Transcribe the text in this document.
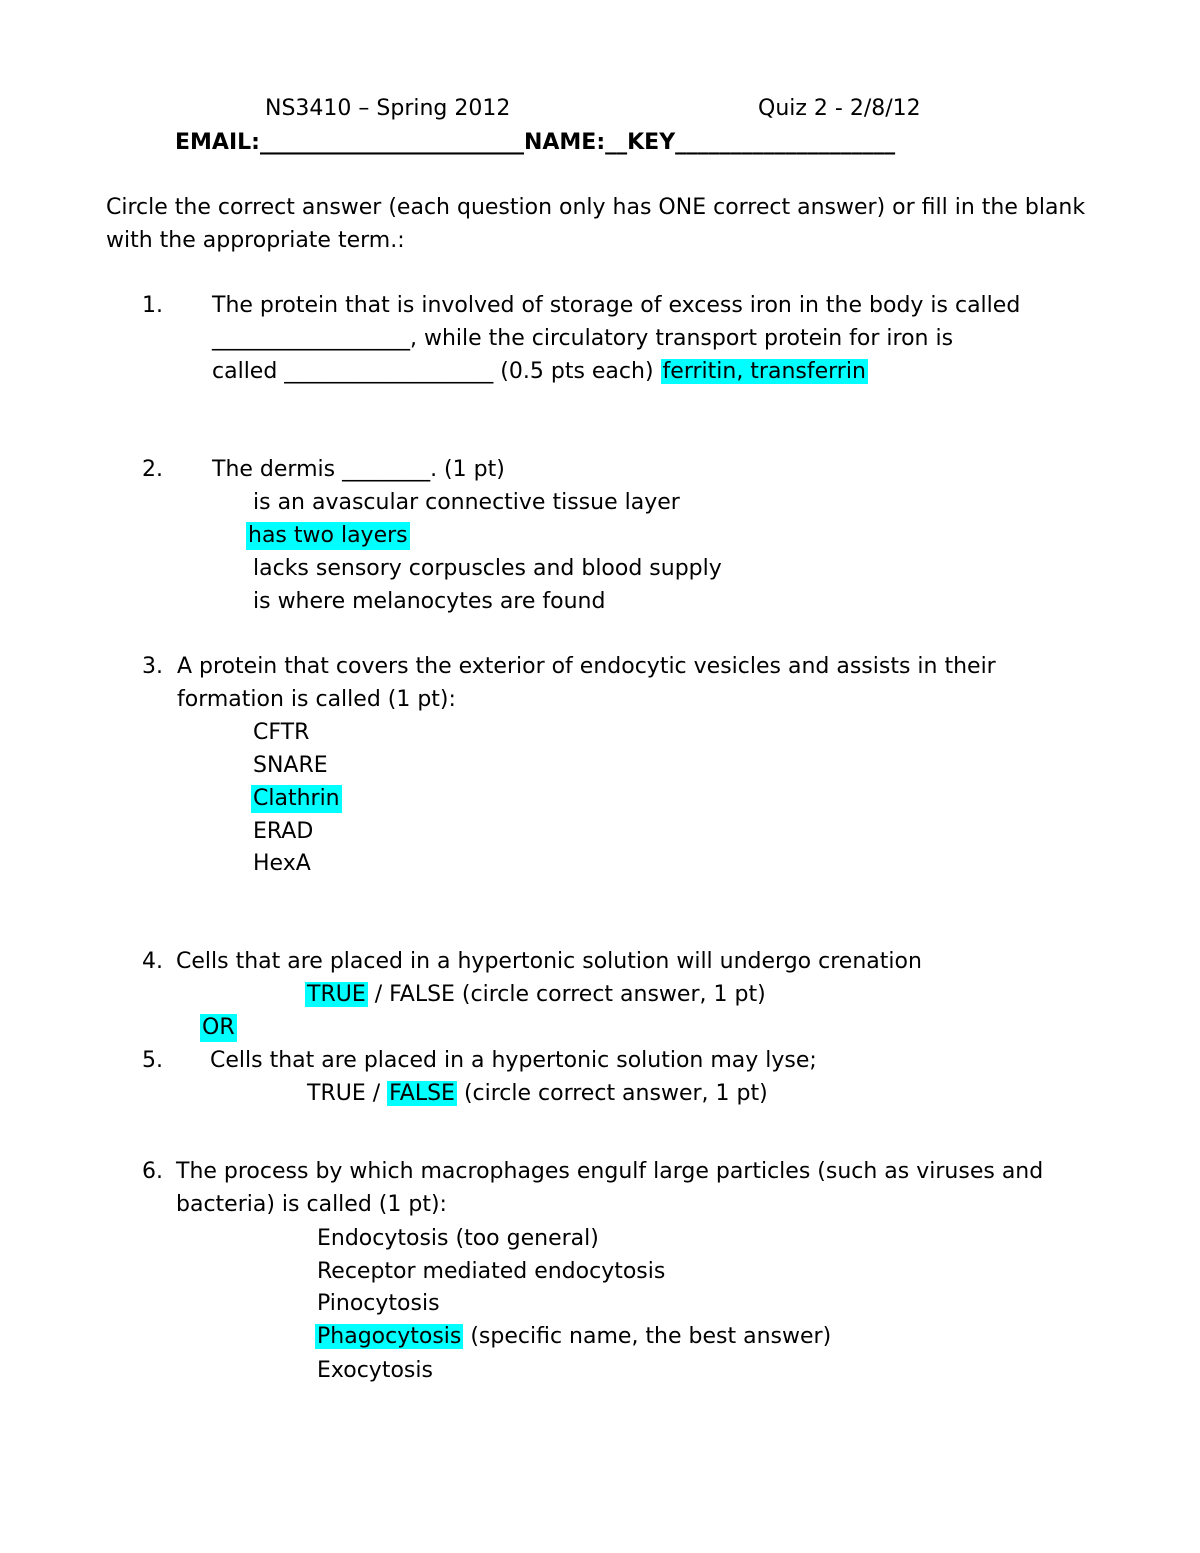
NS3410 – Spring 2012	Quiz 2 - 2/8/12
EMAIL:________________________NAME:__KEY____________________
Circle the correct answer (each question only has ONE correct answer) or fill in the blank
with the appropriate term.:
1. The protein that is involved of storage of excess iron in the body is called
__________________, while the circulatory transport protein for iron is
called ___________________ (0.5 pts each) ferritin, transferrin
2. The dermis ________. (1 pt)
is an avascular connective tissue layer
has two layers
lacks sensory corpuscles and blood supply
is where melanocytes are found
3. A protein that covers the exterior of endocytic vesicles and assists in their
formation is called (1 pt):
CFTR
SNARE
Clathrin
ERAD
HexA
4. Cells that are placed in a hypertonic solution will undergo crenation
TRUE / FALSE (circle correct answer, 1 pt)
OR
5. Cells that are placed in a hypertonic solution may lyse;
TRUE / FALSE (circle correct answer, 1 pt)
6. The process by which macrophages engulf large particles (such as viruses and
bacteria) is called (1 pt):
Endocytosis (too general)
Receptor mediated endocytosis
Pinocytosis
Phagocytosis (specific name, the best answer)
Exocytosis
